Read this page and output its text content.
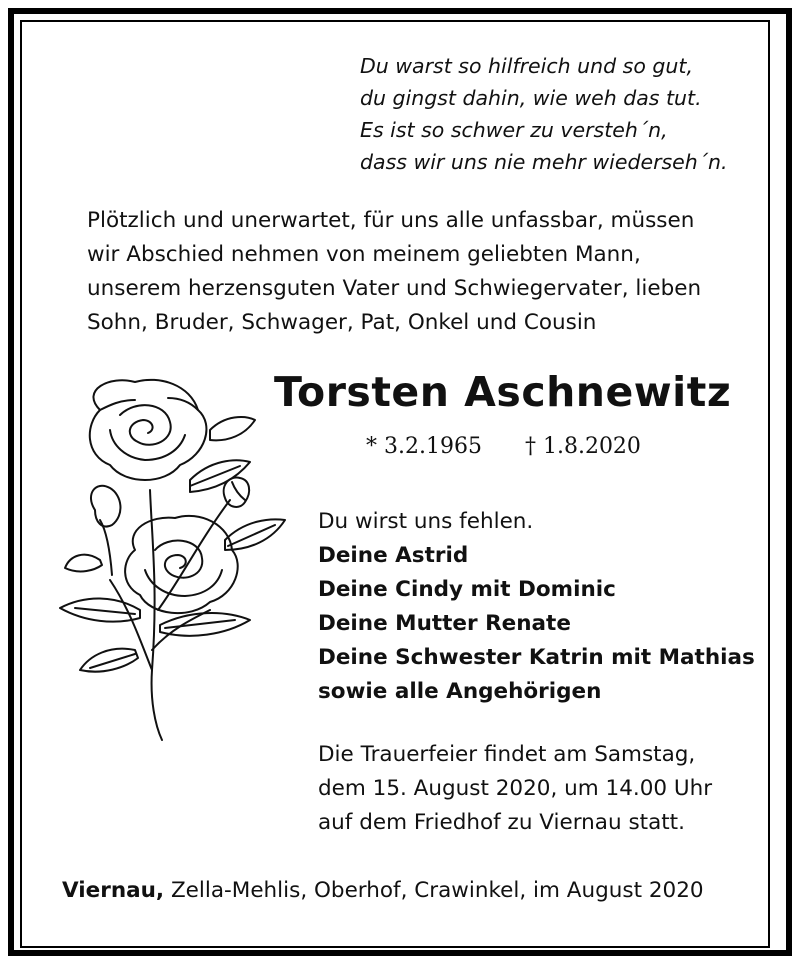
Du warst so hilfreich und so gut,
du gingst dahin, wie weh das tut.
Es ist so schwer zu versteh´n,
dass wir uns nie mehr wiederseh´n.
Plötzlich und unerwartet, für uns alle unfassbar, müssen
wir Abschied nehmen von meinem geliebten Mann,
unserem herzensguten Vater und Schwiegervater, lieben
Sohn, Bruder, Schwager, Pat, Onkel und Cousin
Torsten Aschnewitz
* 3.2.1965 † 1.8.2020
Du wirst uns fehlen.
Deine Astrid
Deine Cindy mit Dominic
Deine Mutter Renate
Deine Schwester Katrin mit Mathias
sowie alle Angehörigen
Die Trauerfeier findet am Samstag,
dem 15. August 2020, um 14.00 Uhr
auf dem Friedhof zu Viernau statt.
Viernau, Zella-Mehlis, Oberhof, Crawinkel, im August 2020
